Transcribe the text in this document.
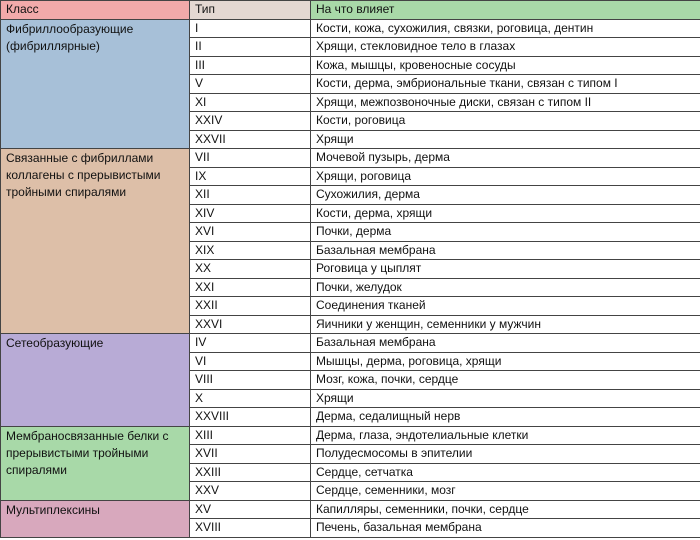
Класс	Тип	На что влияет

Фибриллообразующие (фибриллярные)	I	Кости, кожа, сухожилия, связки, роговица, дентин
	II	Хрящи, стекловидное тело в глазах
	III	Кожа, мышцы, кровеносные сосуды
	V	Кости, дерма, эмбриональные ткани, связан с типом I
	XI	Хрящи, межпозвоночные диски, связан с типом II
	XXIV	Кости, роговица
	XXVII	Хрящи

Связанные с фибриллами коллагены с прерывистыми тройными спиралями	VII	Мочевой пузырь, дерма
	IX	Хрящи, роговица
	XII	Сухожилия, дерма
	XIV	Кости, дерма, хрящи
	XVI	Почки, дерма
	XIX	Базальная мембрана
	XX	Роговица у цыплят
	XXI	Почки, желудок
	XXII	Соединения тканей
	XXVI	Яичники у женщин, семенники у мужчин

Сетеобразующие	IV	Базальная мембрана
	VI	Мышцы, дерма, роговица, хрящи
	VIII	Мозг, кожа, почки, сердце
	X	Хрящи
	XXVIII	Дерма, седалищный нерв

Мембраносвязанные белки с прерывистыми тройными спиралями	XIII	Дерма, глаза, эндотелиальные клетки
	XVII	Полудесмосомы в эпителии
	XXIII	Сердце, сетчатка
	XXV	Сердце, семенники, мозг

Мультиплексины	XV	Капилляры, семенники, почки, сердце
	XVIII	Печень, базальная мембрана
